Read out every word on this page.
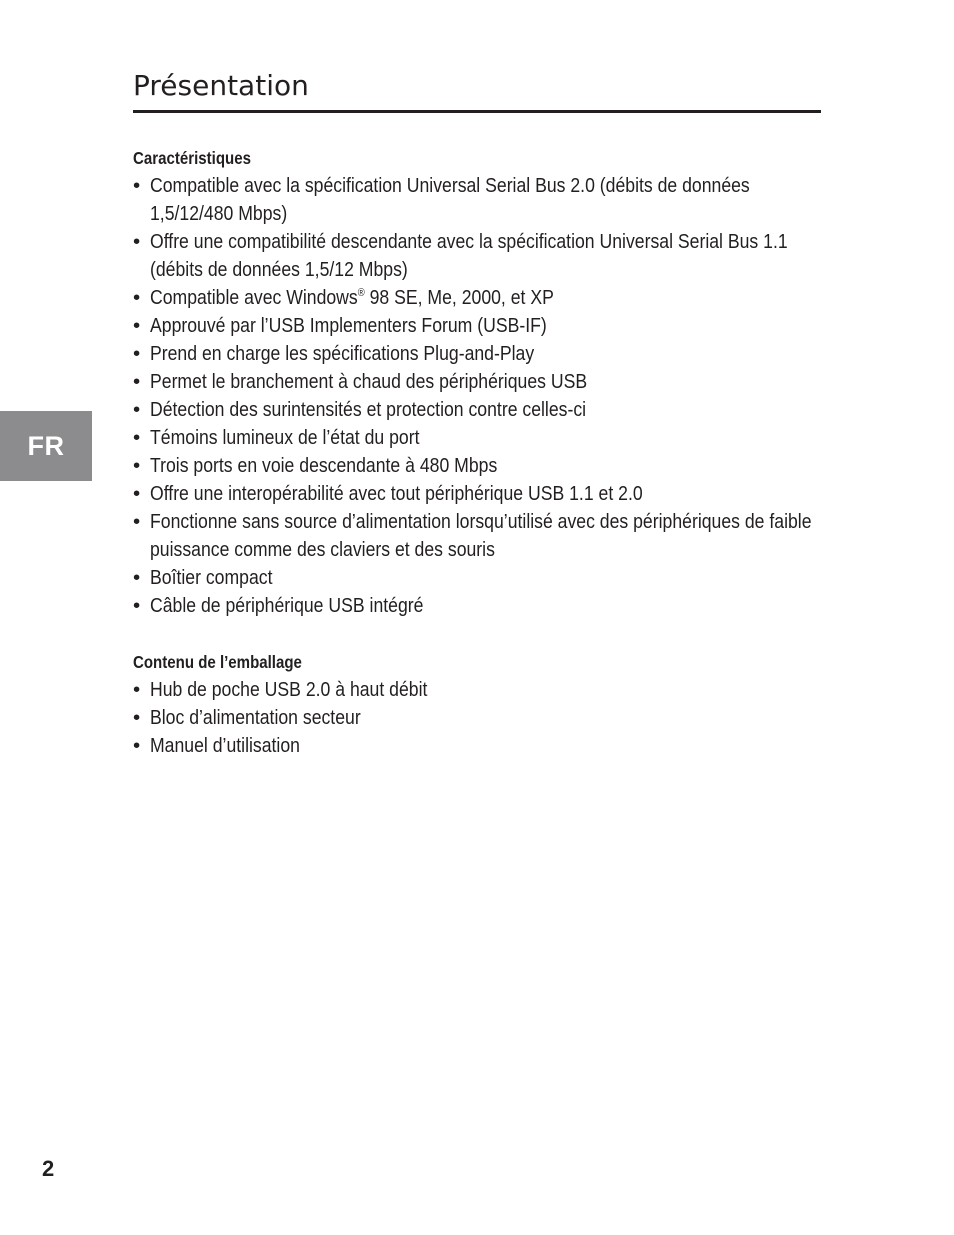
Présentation
FR
Caractéristiques
• Compatible avec la spécification Universal Serial Bus 2.0 (débits de données 1,5/12/480 Mbps)
• Offre une compatibilité descendante avec la spécification Universal Serial Bus 1.1 (débits de données 1,5/12 Mbps)
• Compatible avec Windows® 98 SE, Me, 2000, et XP
• Approuvé par l’USB Implementers Forum (USB-IF)
• Prend en charge les spécifications Plug-and-Play
• Permet le branchement à chaud des périphériques USB
• Détection des surintensités et protection contre celles-ci
• Témoins lumineux de l’état du port
• Trois ports en voie descendante à 480 Mbps
• Offre une interopérabilité avec tout périphérique USB 1.1 et 2.0
• Fonctionne sans source d’alimentation lorsqu’utilisé avec des périphériques de faible puissance comme des claviers et des souris
• Boîtier compact
• Câble de périphérique USB intégré
Contenu de l’emballage
• Hub de poche USB 2.0 à haut débit
• Bloc d’alimentation secteur
• Manuel d’utilisation
2
